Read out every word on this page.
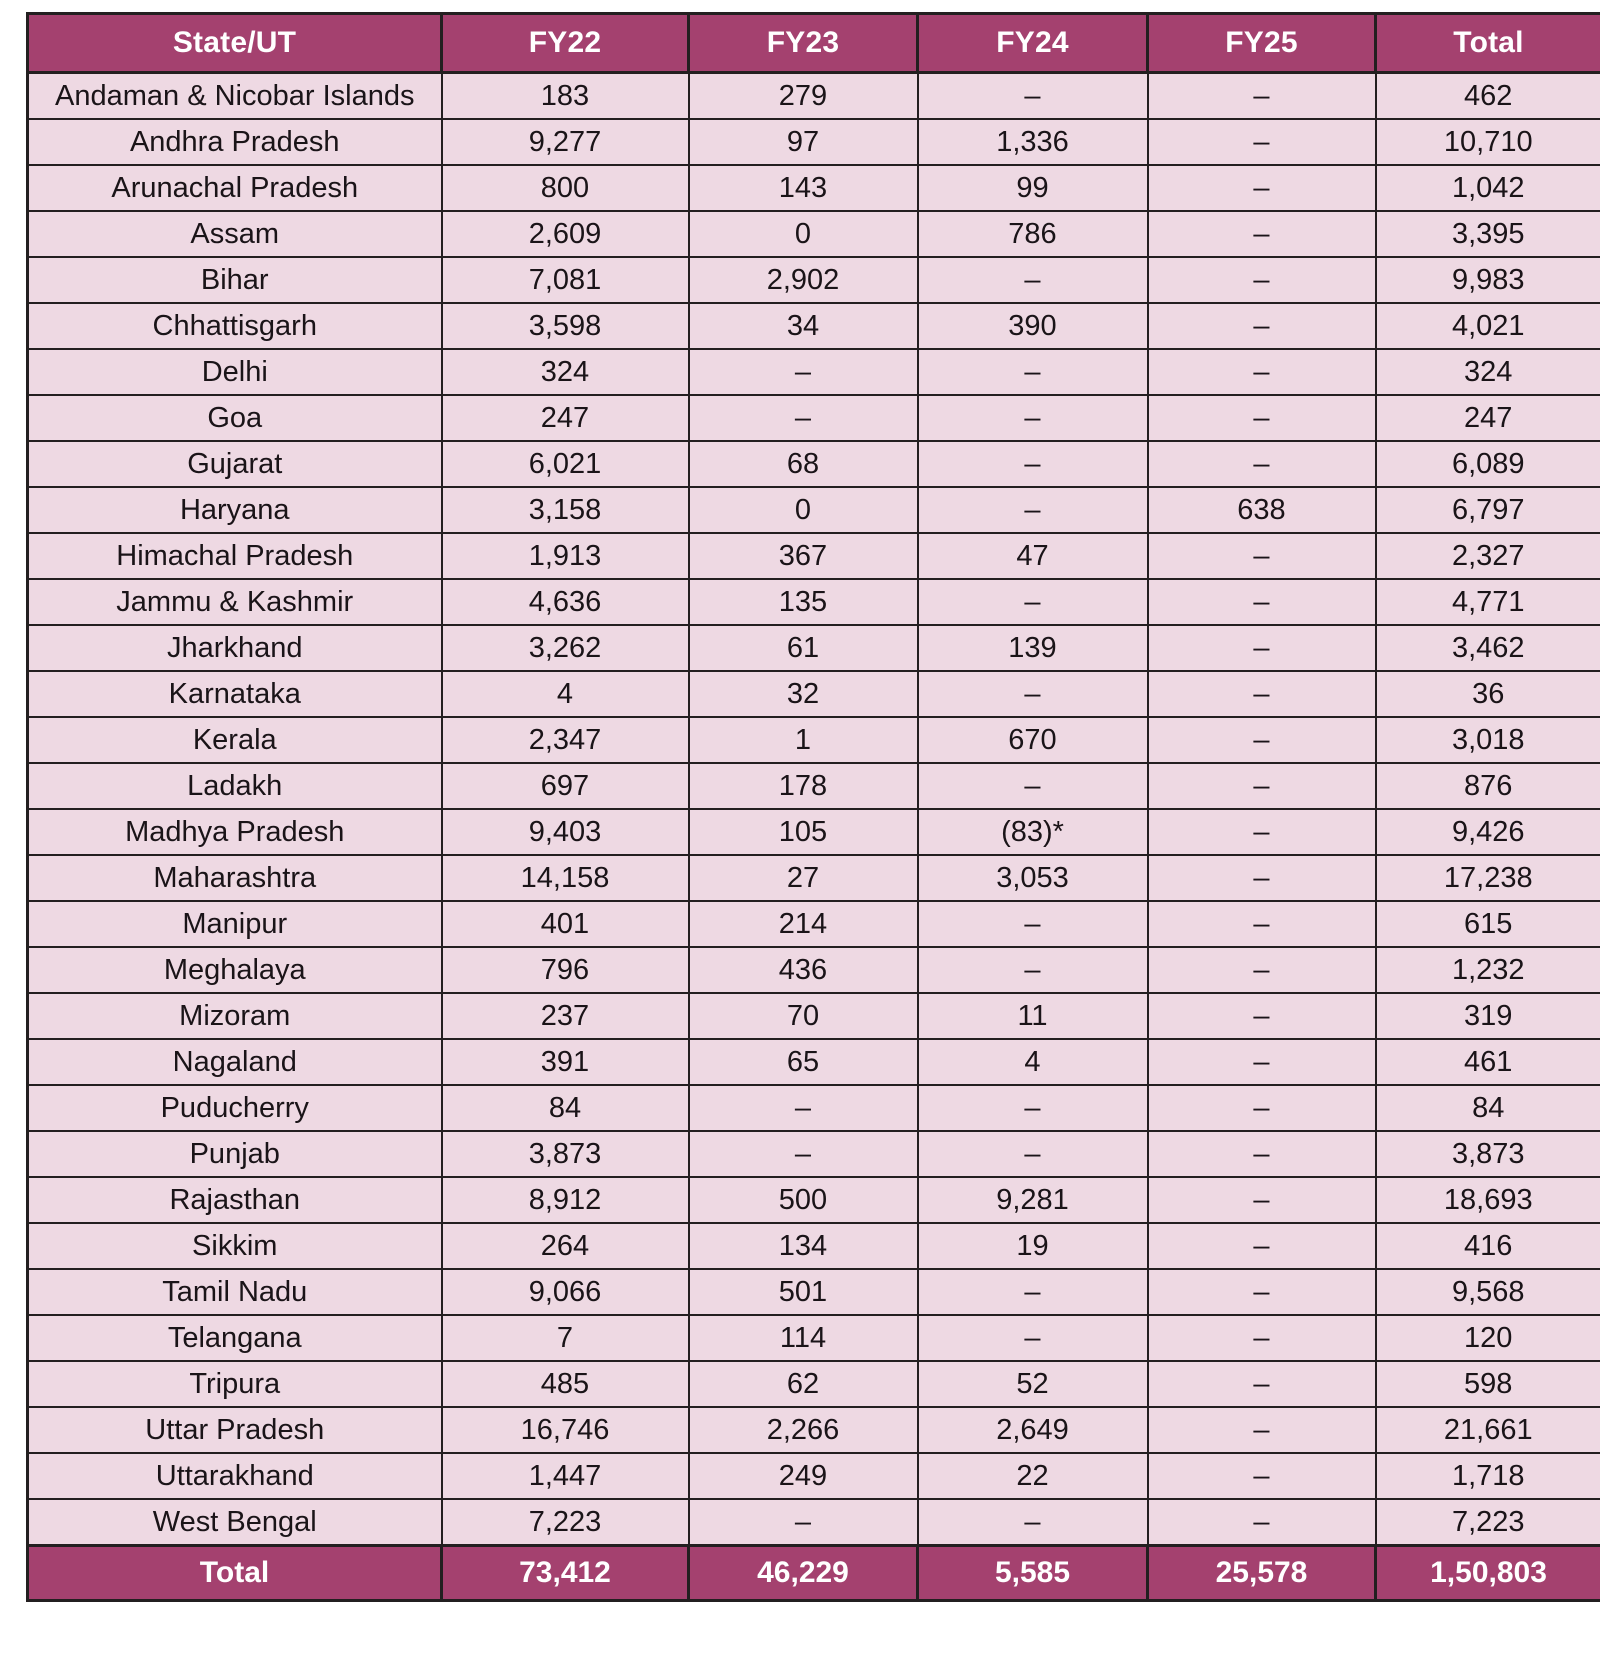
State/UT	FY22	FY23	FY24	FY25	Total
Andaman & Nicobar Islands	183	279	–	–	462
Andhra Pradesh	9,277	97	1,336	–	10,710
Arunachal Pradesh	800	143	99	–	1,042
Assam	2,609	0	786	–	3,395
Bihar	7,081	2,902	–	–	9,983
Chhattisgarh	3,598	34	390	–	4,021
Delhi	324	–	–	–	324
Goa	247	–	–	–	247
Gujarat	6,021	68	–	–	6,089
Haryana	3,158	0	–	638	6,797
Himachal Pradesh	1,913	367	47	–	2,327
Jammu & Kashmir	4,636	135	–	–	4,771
Jharkhand	3,262	61	139	–	3,462
Karnataka	4	32	–	–	36
Kerala	2,347	1	670	–	3,018
Ladakh	697	178	–	–	876
Madhya Pradesh	9,403	105	(83)*	–	9,426
Maharashtra	14,158	27	3,053	–	17,238
Manipur	401	214	–	–	615
Meghalaya	796	436	–	–	1,232
Mizoram	237	70	11	–	319
Nagaland	391	65	4	–	461
Puducherry	84	–	–	–	84
Punjab	3,873	–	–	–	3,873
Rajasthan	8,912	500	9,281	–	18,693
Sikkim	264	134	19	–	416
Tamil Nadu	9,066	501	–	–	9,568
Telangana	7	114	–	–	120
Tripura	485	62	52	–	598
Uttar Pradesh	16,746	2,266	2,649	–	21,661
Uttarakhand	1,447	249	22	–	1,718
West Bengal	7,223	–	–	–	7,223
Total	73,412	46,229	5,585	25,578	1,50,803
